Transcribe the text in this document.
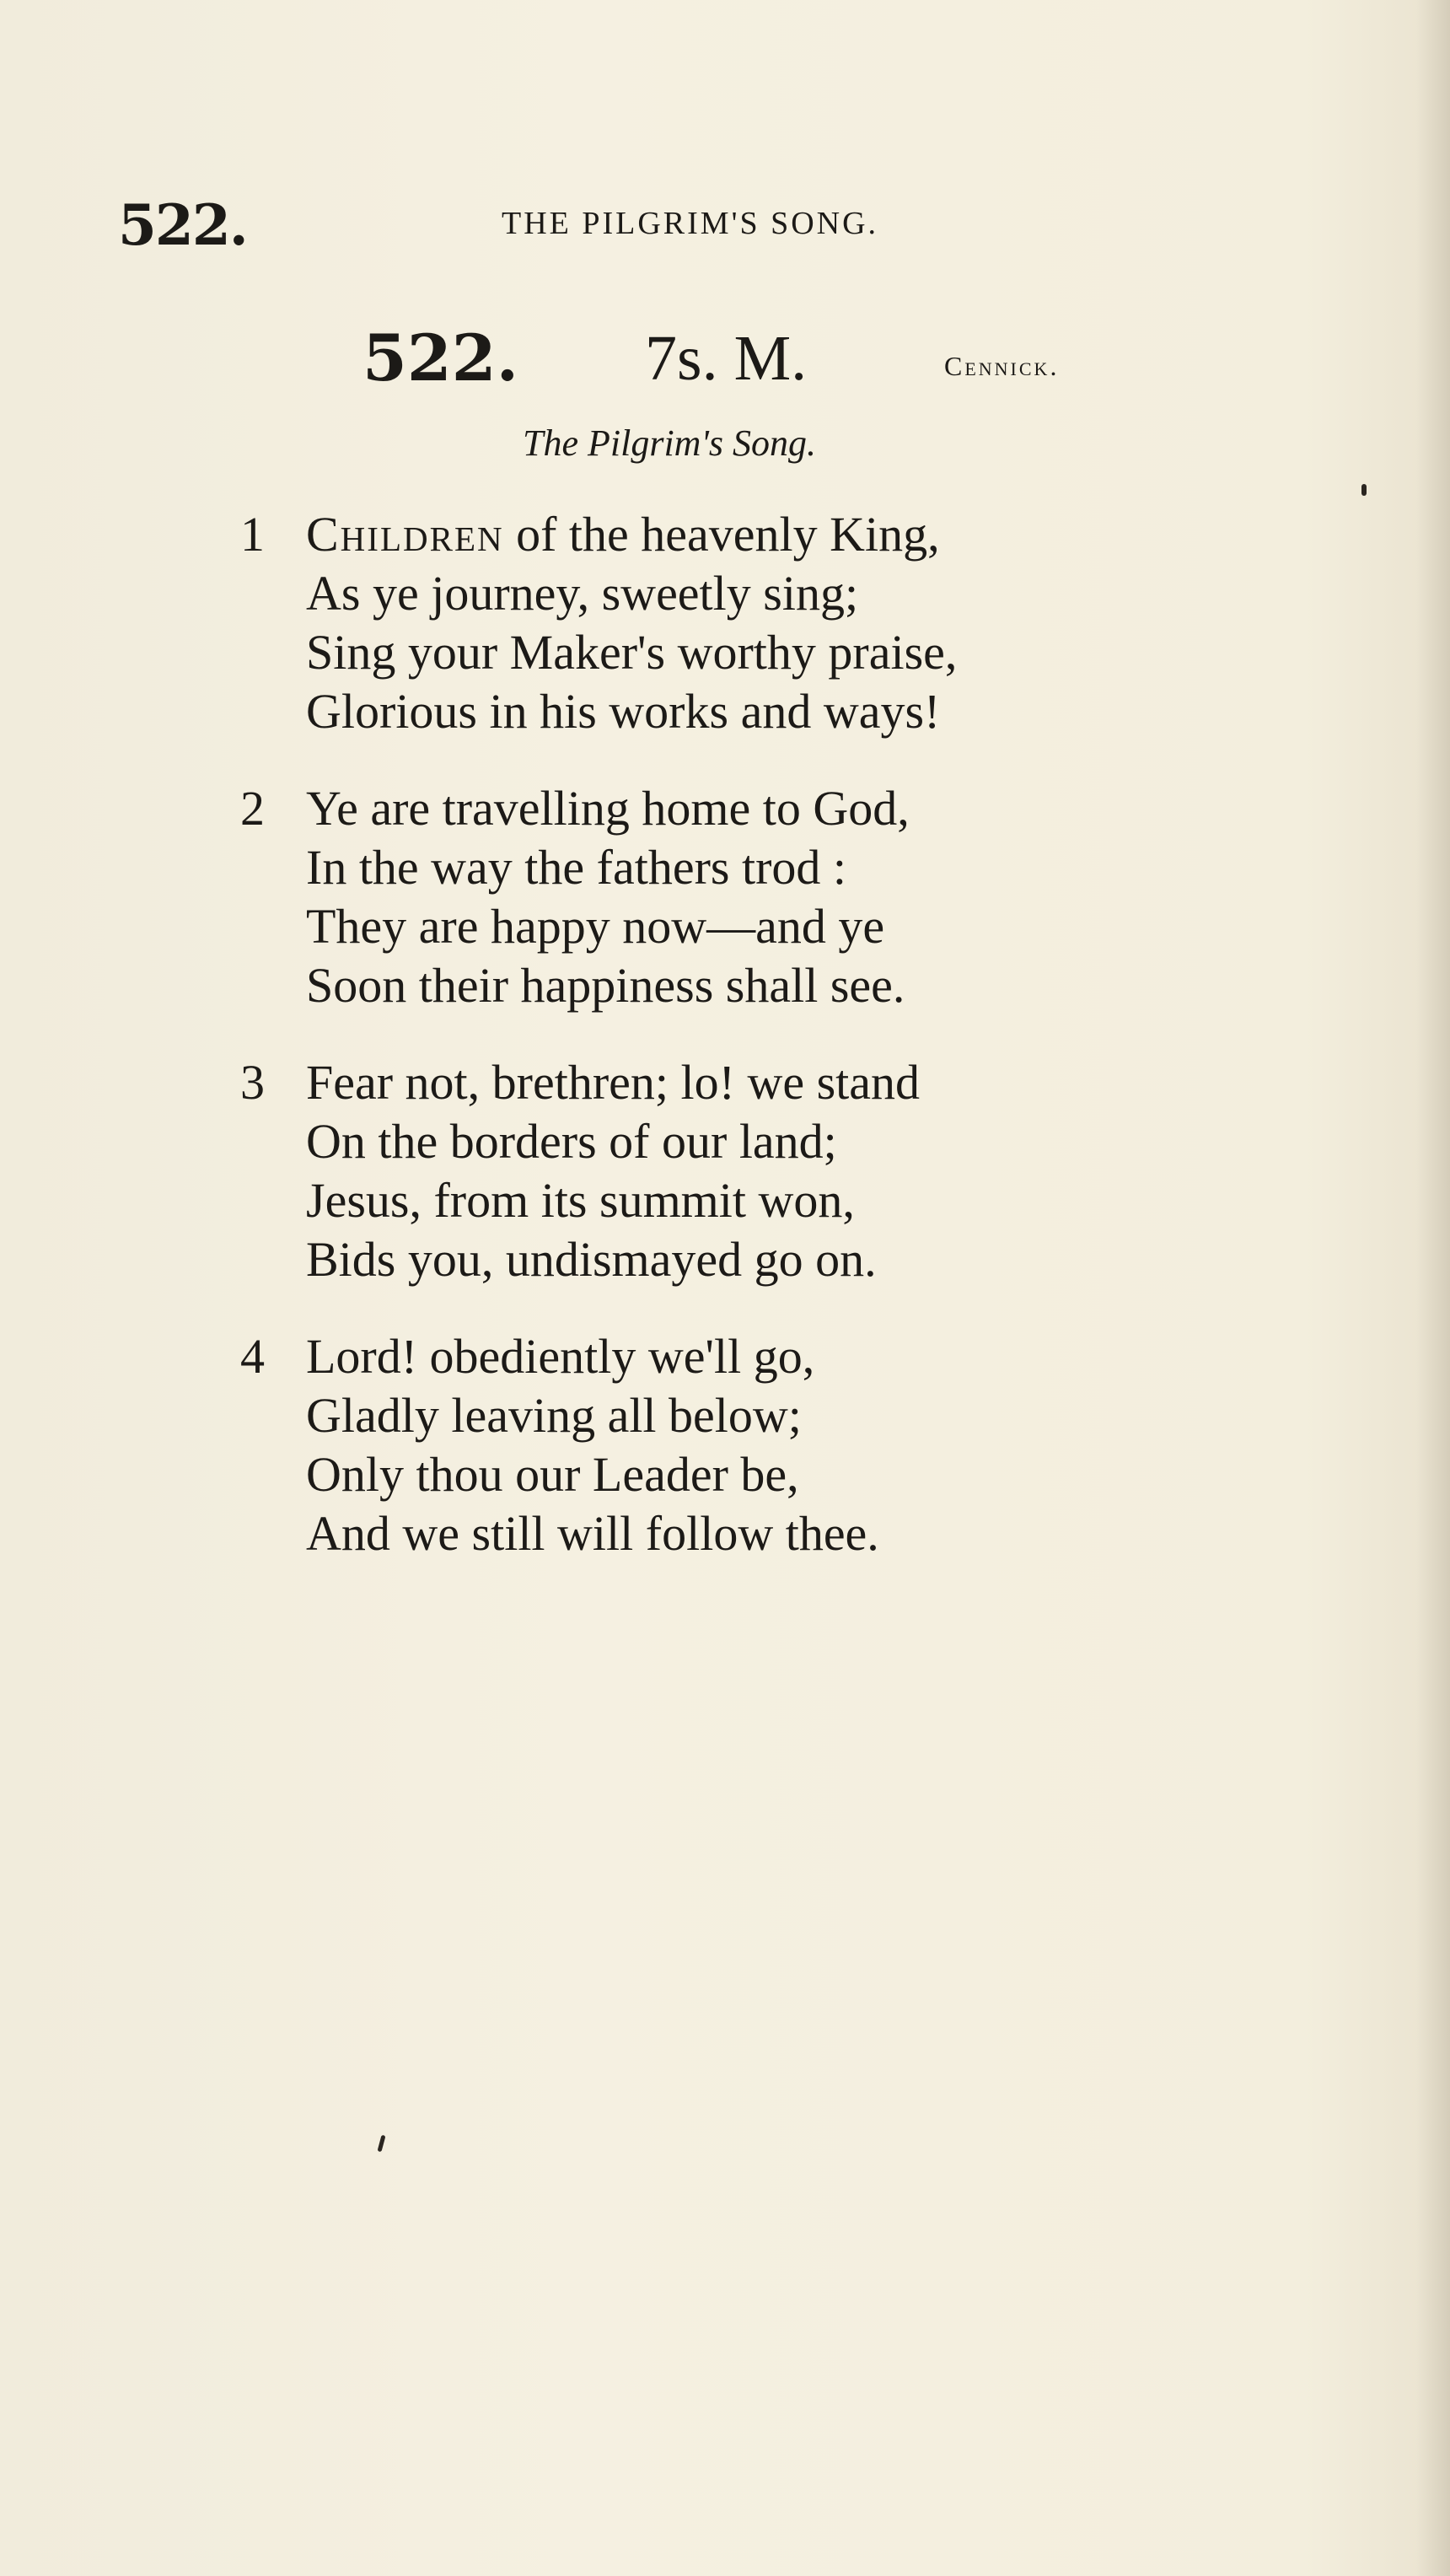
522.	THE PILGRIM'S SONG.
522. 7s. M.	Cennick.
The Pilgrim's Song.
1 Children of the heavenly King,
As ye journey, sweetly sing;
Sing your Maker's worthy praise,
Glorious in his works and ways!
2 Ye are travelling home to God,
In the way the fathers trod :
They are happy now—and ye
Soon their happiness shall see.
3 Fear not, brethren; lo! we stand
On the borders of our land;
Jesus, from its summit won,
Bids you, undismayed go on.
4 Lord! obediently we'll go,
Gladly leaving all below;
Only thou our Leader be,
And we still will follow thee.
